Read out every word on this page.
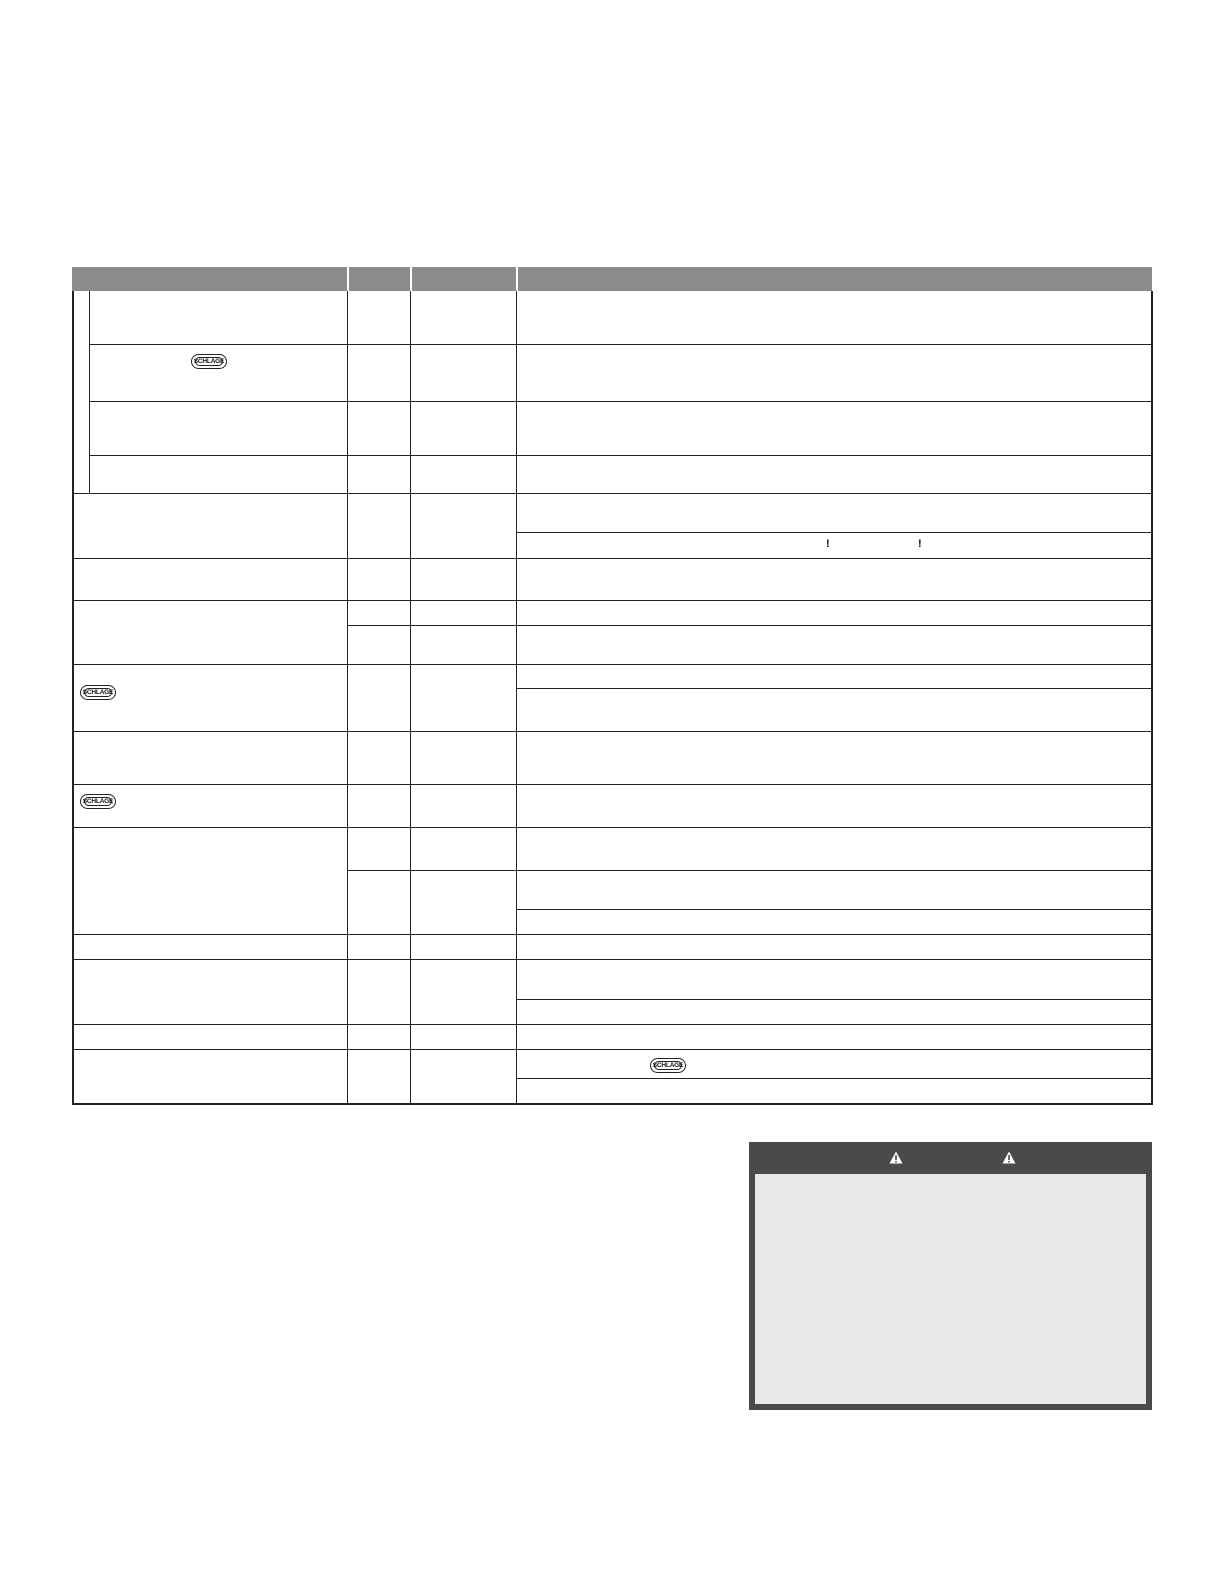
SCHLAGE
SCHLAGE
SCHLAGE
SCHLAGE
!	!
